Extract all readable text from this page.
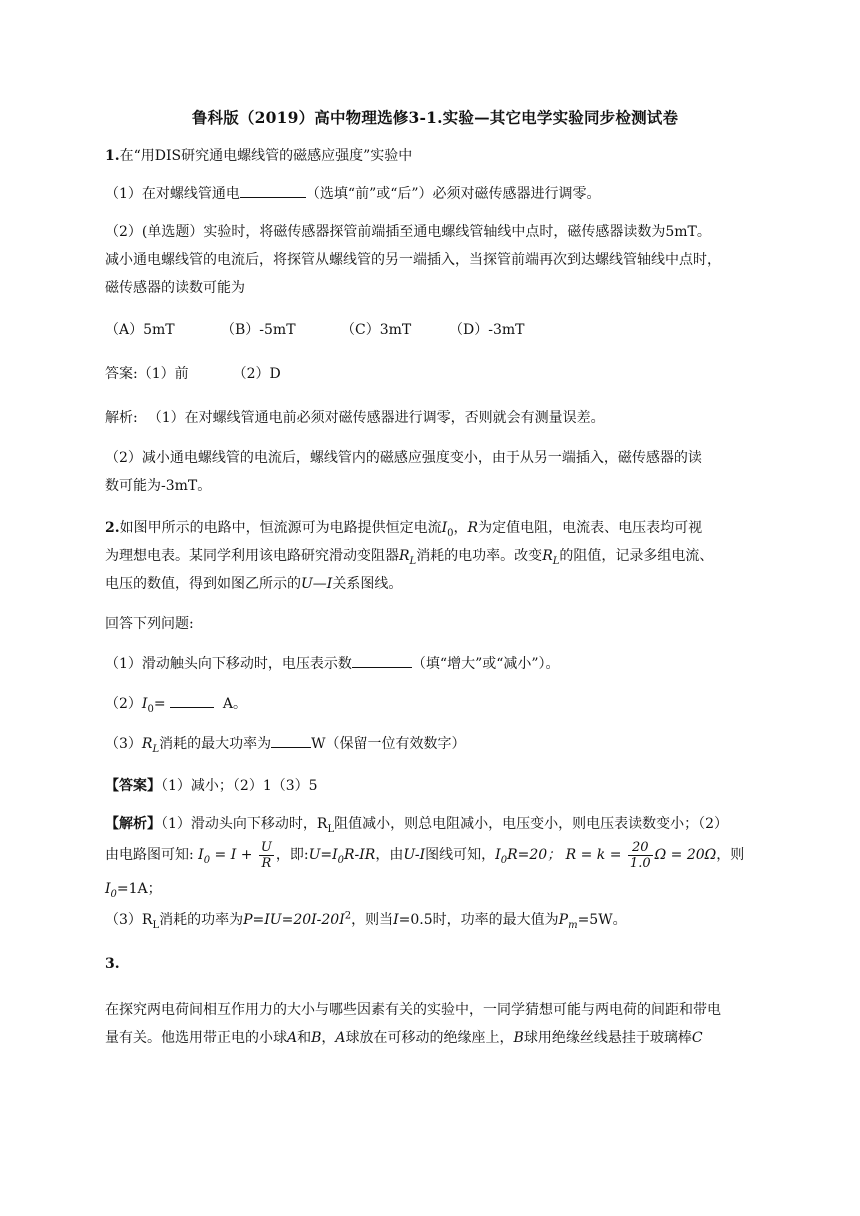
鲁科版（2019）高中物理选修3-1.实验—其它电学实验同步检测试卷
1.在“用DIS研究通电螺线管的磁感应强度”实验中
（1）在对螺线管通电	（选填“前”或“后”）必须对磁传感器进行调零。
（2）(单选题）实验时，将磁传感器探管前端插至通电螺线管轴线中点时，磁传感器读数为5mT。
减小通电螺线管的电流后，将探管从螺线管的另一端插入，当探管前端再次到达螺线管轴线中点时，
磁传感器的读数可能为
（A）5mT	（B）-5mT	（C）3mT	（D）-3mT
答案:（1）前	（2）D
解析: （1）在对螺线管通电前必须对磁传感器进行调零，否则就会有测量误差。
（2）减小通电螺线管的电流后，螺线管内的磁感应强度变小，由于从另一端插入，磁传感器的读
数可能为-3mT。
2.如图甲所示的电路中，恒流源可为电路提供恒定电流$I_0$，R为定值电阻，电流表、电压表均可视
为理想电表。某同学利用该电路研究滑动变阻器$R_L$消耗的电功率。改变$R_L$的阻值，记录多组电流、
电压的数值，得到如图乙所示的U—I关系图线。
回答下列问题:
（1）滑动触头向下移动时，电压表示数	（填“增大”或“减小”）。
$(2)I_0=$	A。
$(3)R_L$消耗的最大功率为	W（保留一位有效数字）
【答案】（1）减小；（2）1（3）5
【解析】（1）滑动头向下移动时，$R_L$阻值减小，则总电阻减小，电压变小，则电压表读数变小；（2）
由电路图可知: $I_0 = I + \frac{U}{R}$ ，即$:U=I_0R-IR$，由U-I图线可知，$I_0R=20$； $R = k = \frac{20}{1.0}$ Ω = 20Ω，则$I_0=1A$；
$(3)R_L$消耗的功率为$P=IU=20I-20I^2$，则当I=0.5时，功率的最大值为$P_m=5W$。
3.
在探究两电荷间相互作用力的大小与哪些因素有关的实验中，一同学猜想可能与两电荷的间距和带电
量有关。他选用带正电的小球A和B，A球放在可移动的绝缘座上，B球用绝缘丝线悬挂于玻璃棒C
